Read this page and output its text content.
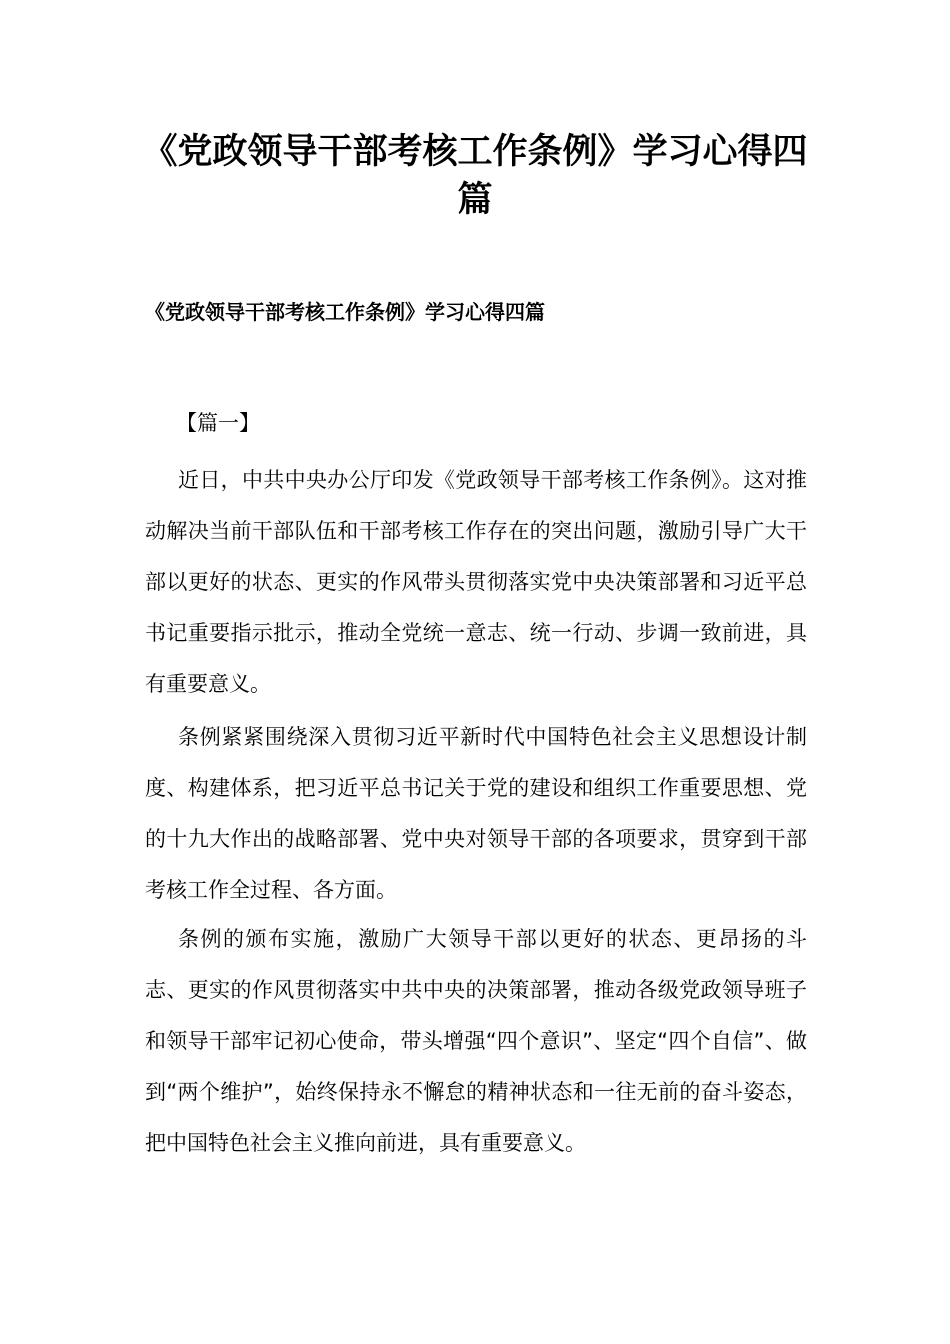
《党政领导干部考核工作条例》学习心得四篇
《党政领导干部考核工作条例》学习心得四篇

【篇一】

近日，中共中央办公厅印发《党政领导干部考核工作条例》。这对推动解决当前干部队伍和干部考核工作存在的突出问题，激励引导广大干部以更好的状态、更实的作风带头贯彻落实党中央决策部署和习近平总书记重要指示批示，推动全党统一意志、统一行动、步调一致前进，具有重要意义。

条例紧紧围绕深入贯彻习近平新时代中国特色社会主义思想设计制度、构建体系，把习近平总书记关于党的建设和组织工作重要思想、党的十九大作出的战略部署、党中央对领导干部的各项要求，贯穿到干部考核工作全过程、各方面。

条例的颁布实施，激励广大领导干部以更好的状态、更昂扬的斗志、更实的作风贯彻落实中共中央的决策部署，推动各级党政领导班子和领导干部牢记初心使命，带头增强“四个意识”、坚定“四个自信”、做到“两个维护”，始终保持永不懈怠的精神状态和一往无前的奋斗姿态，把中国特色社会主义推向前进，具有重要意义。
